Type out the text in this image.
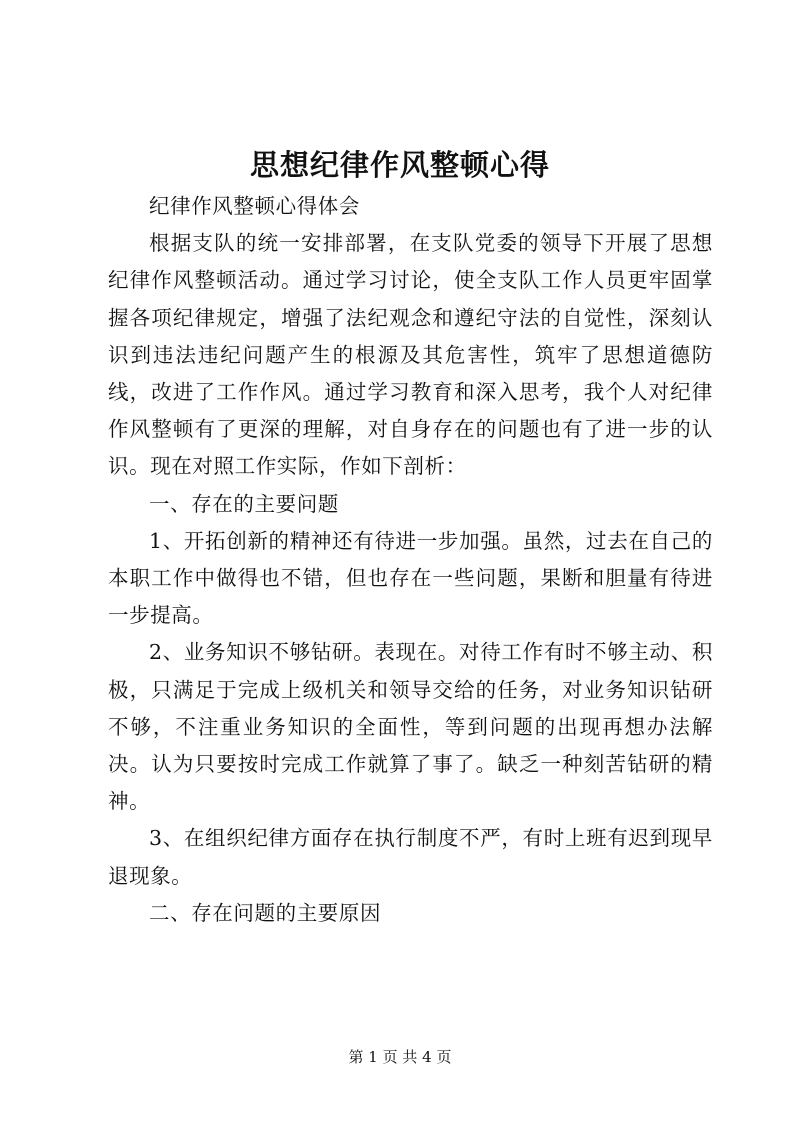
思想纪律作风整顿心得

纪律作风整顿心得体会

根据支队的统一安排部署，在支队党委的领导下开展了思想纪律作风整顿活动。通过学习讨论，使全支队工作人员更牢固掌握各项纪律规定，增强了法纪观念和遵纪守法的自觉性，深刻认识到违法违纪问题产生的根源及其危害性，筑牢了思想道德防线，改进了工作作风。通过学习教育和深入思考，我个人对纪律作风整顿有了更深的理解，对自身存在的问题也有了进一步的认识。现在对照工作实际，作如下剖析：

一、存在的主要问题

1、开拓创新的精神还有待进一步加强。虽然，过去在自己的本职工作中做得也不错，但也存在一些问题，果断和胆量有待进一步提高。

2、业务知识不够钻研。表现在。对待工作有时不够主动、积极，只满足于完成上级机关和领导交给的任务，对业务知识钻研不够，不注重业务知识的全面性，等到问题的出现再想办法解决。认为只要按时完成工作就算了事了。缺乏一种刻苦钻研的精神。

3、在组织纪律方面存在执行制度不严，有时上班有迟到现早退现象。

二、存在问题的主要原因

第 1 页 共 4 页
